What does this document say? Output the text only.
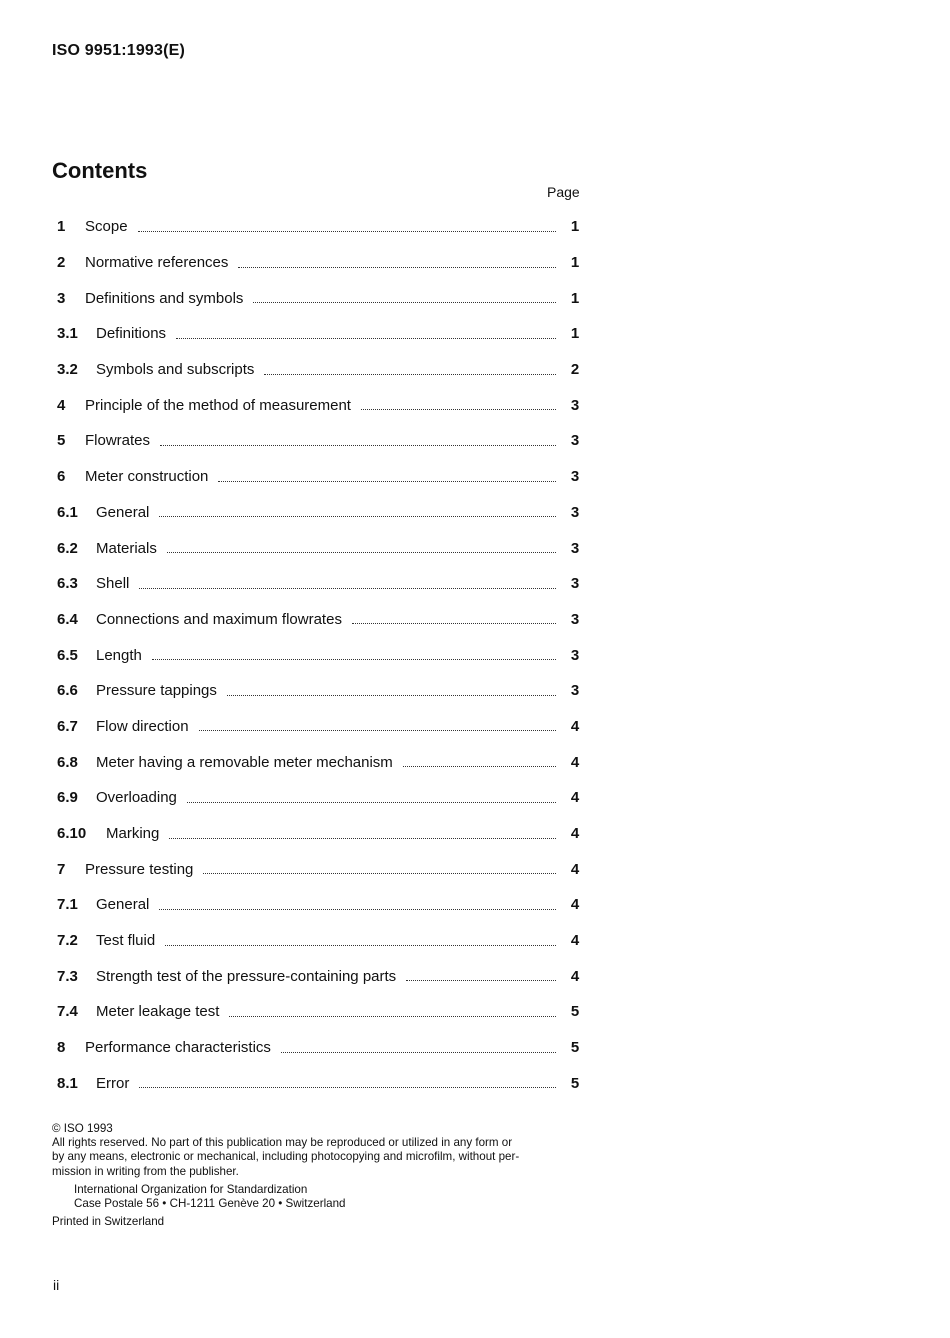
ISO 9951:1993(E)
Contents
Page
1	Scope	1
2	Normative references	1
3	Definitions and symbols	1
3.1	Definitions	1
3.2	Symbols and subscripts	2
4	Principle of the method of measurement	3
5	Flowrates	3
6	Meter construction	3
6.1	General	3
6.2	Materials	3
6.3	Shell	3
6.4	Connections and maximum flowrates	3
6.5	Length	3
6.6	Pressure tappings	3
6.7	Flow direction	4
6.8	Meter having a removable meter mechanism	4
6.9	Overloading	4
6.10	Marking	4
7	Pressure testing	4
7.1	General	4
7.2	Test fluid	4
7.3	Strength test of the pressure-containing parts	4
7.4	Meter leakage test	5
8	Performance characteristics	5
8.1	Error	5
© ISO 1993
All rights reserved. No part of this publication may be reproduced or utilized in any form or
by any means, electronic or mechanical, including photocopying and microfilm, without per-
mission in writing from the publisher.
International Organization for Standardization
Case Postale 56 • CH-1211 Genève 20 • Switzerland
Printed in Switzerland
ii
